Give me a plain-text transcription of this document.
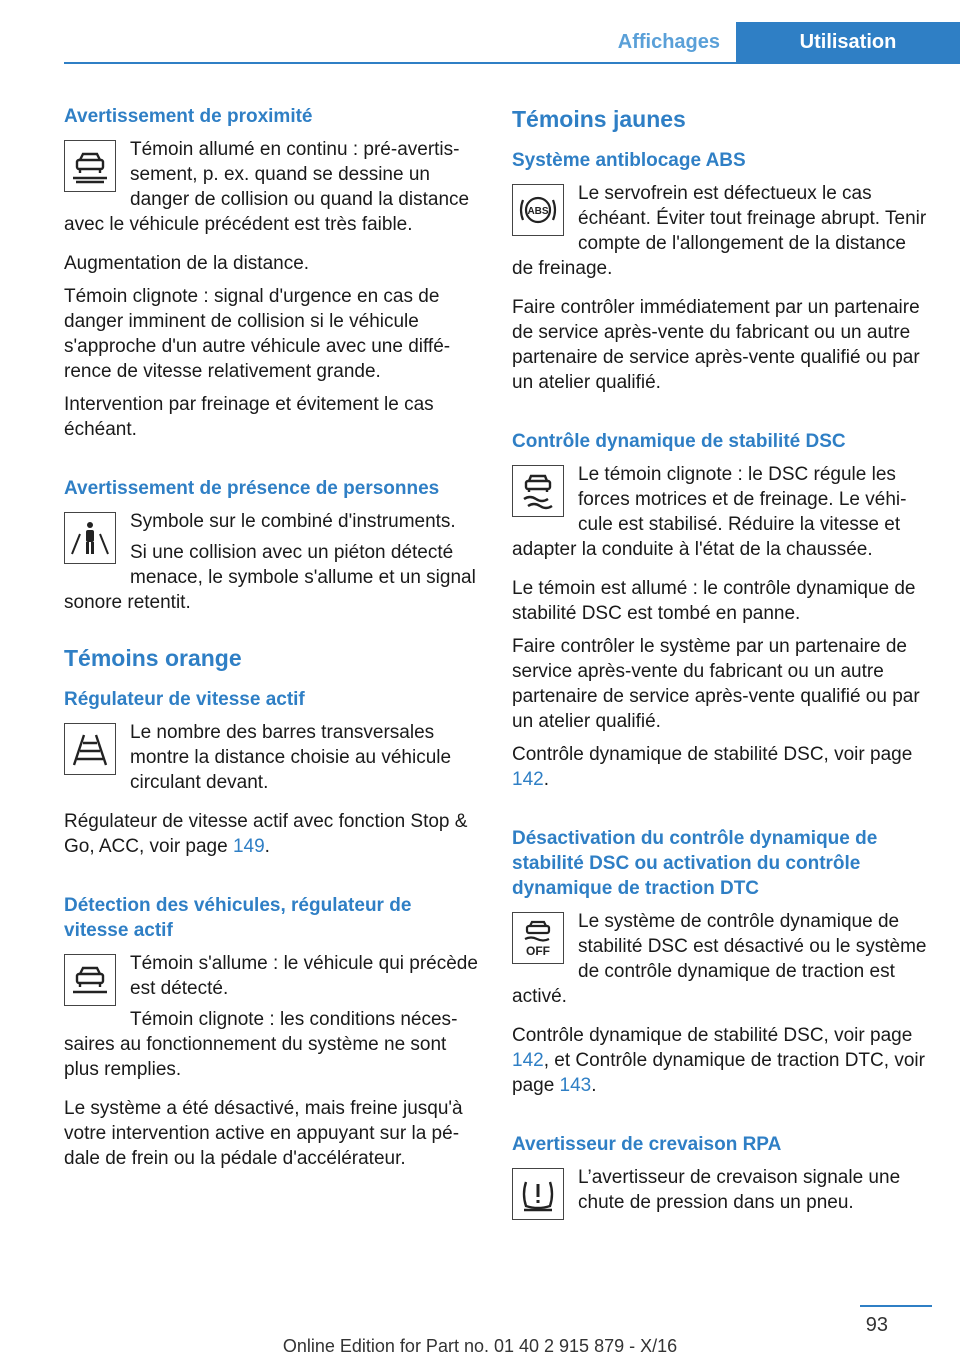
Affichages	Utilisation
Avertissement de proximité

Témoin allumé en continu : pré-avertissement, p. ex. quand se dessine un danger de collision ou quand la distance avec le véhicule précédent est très faible.

Augmentation de la distance.

Témoin clignote : signal d'urgence en cas de danger imminent de collision si le véhicule s'approche d'un autre véhicule avec une différence de vitesse relativement grande.

Intervention par freinage et évitement le cas échéant.

Avertissement de présence de personnes

Symbole sur le combiné d'instruments.

Si une collision avec un piéton détecté menace, le symbole s'allume et un signal sonore retentit.

Témoins orange
Régulateur de vitesse actif

Le nombre des barres transversales montre la distance choisie au véhicule circulant devant.

Régulateur de vitesse actif avec fonction Stop & Go, ACC, voir page 149.

Détection des véhicules, régulateur de vitesse actif

Témoin s'allume : le véhicule qui précède est détecté.

Témoin clignote : les conditions nécessaires au fonctionnement du système ne sont plus remplies.

Le système a été désactivé, mais freine jusqu'à votre intervention active en appuyant sur la pédale de frein ou la pédale d'accélérateur.

Témoins jaunes
Système antiblocage ABS
ABS

Le servofrein est défectueux le cas échéant. Éviter tout freinage abrupt. Tenir compte de l'allongement de la distance de freinage.

Faire contrôler immédiatement par un partenaire de service après-vente du fabricant ou un autre partenaire de service après-vente qualifié ou par un atelier qualifié.

Contrôle dynamique de stabilité DSC

Le témoin clignote : le DSC régule les forces motrices et de freinage. Le véhicule est stabilisé. Réduire la vitesse et adapter la conduite à l'état de la chaussée.

Le témoin est allumé : le contrôle dynamique de stabilité DSC est tombé en panne.

Faire contrôler le système par un partenaire de service après-vente du fabricant ou un autre partenaire de service après-vente qualifié ou par un atelier qualifié.

Contrôle dynamique de stabilité DSC, voir page 142.

Désactivation du contrôle dynamique de stabilité DSC ou activation du contrôle dynamique de traction DTC
OFF

Le système de contrôle dynamique de stabilité DSC est désactivé ou le système de contrôle dynamique de traction est activé.

Contrôle dynamique de stabilité DSC, voir page 142, et Contrôle dynamique de traction DTC, voir page 143.

Avertisseur de crevaison RPA

L’avertisseur de crevaison signale une chute de pression dans un pneu.

93
Online Edition for Part no. 01 40 2 915 879 - X/16
